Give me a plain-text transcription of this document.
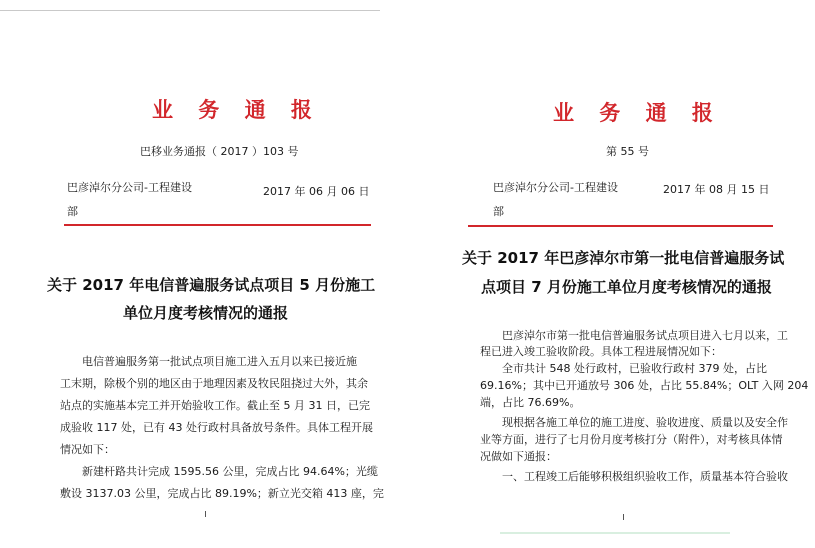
业 务 通 报
巴移业务通报（ 2017 ）103 号
巴彦淖尔分公司-工程建设
部
2017 年 06 月 06 日
关于 2017 年电信普遍服务试点项目 5 月份施工
单位月度考核情况的通报
电信普遍服务第一批试点项目施工进入五月以来已接近施
工末期，除极个别的地区由于地理因素及牧民阻挠过大外，其余
站点的实施基本完工并开始验收工作。截止至 5 月 31 日，已完
成验收 117 处，已有 43 处行政村具备放号条件。具体工程开展
情况如下：
新建杆路共计完成 1595.56 公里，完成占比 94.64%；光缆
敷设 3137.03 公里，完成占比 89.19%；新立光交箱 413 座，完
业 务 通 报
第 55 号
巴彦淖尔分公司-工程建设
部
2017 年 08 月 15 日
关于 2017 年巴彦淖尔市第一批电信普遍服务试
点项目 7 月份施工单位月度考核情况的通报
巴彦淖尔市第一批电信普遍服务试点项目进入七月以来，工
程已进入竣工验收阶段。具体工程进展情况如下：
全市共计 548 处行政村，已验收行政村 379 处，占比
69.16%；其中已开通放号 306 处，占比 55.84%；OLT 入网 204
端，占比 76.69%。
现根据各施工单位的施工进度、验收进度、质量以及安全作
业等方面，进行了七月份月度考核打分（附件），对考核具体情
况做如下通报：
一、工程竣工后能够积极组织验收工作，质量基本符合验收
